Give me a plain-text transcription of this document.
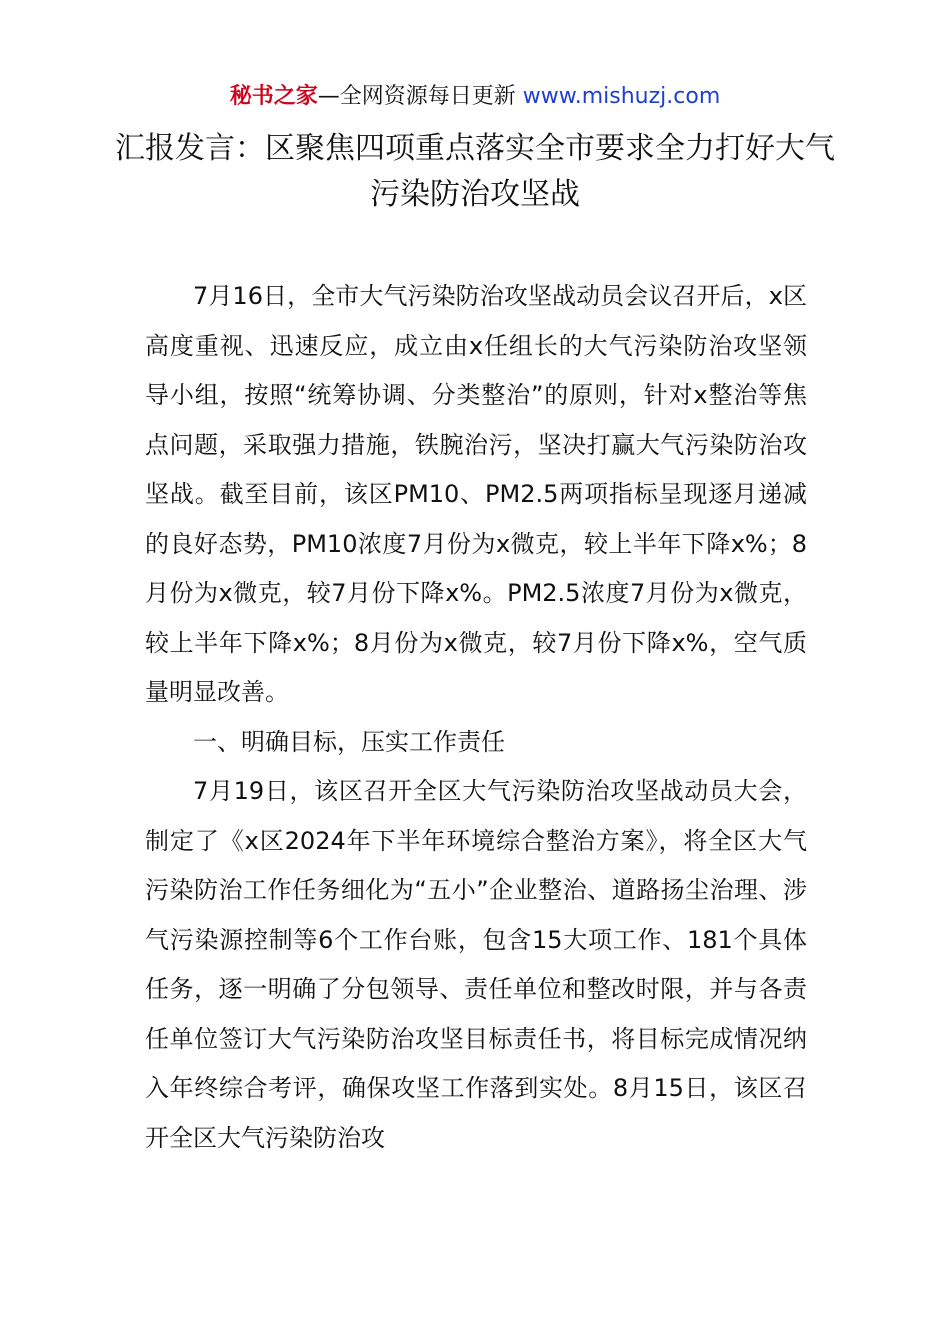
秘书之家—全网资源每日更新 www.mishuzj.com
汇报发言：区聚焦四项重点落实全市要求全力打好大气污染防治攻坚战

7月16日，全市大气污染防治攻坚战动员会议召开后，x区高度重视、迅速反应，成立由x任组长的大气污染防治攻坚领导小组，按照“统筹协调、分类整治”的原则，针对x整治等焦点问题，采取强力措施，铁腕治污，坚决打赢大气污染防治攻坚战。截至目前，该区PM10、PM2.5两项指标呈现逐月递减的良好态势，PM10浓度7月份为x微克，较上半年下降x%；8月份为x微克，较7月份下降x%。PM2.5浓度7月份为x微克，较上半年下降x%；8月份为x微克，较7月份下降x%，空气质量明显改善。

一、明确目标，压实工作责任

7月19日，该区召开全区大气污染防治攻坚战动员大会，制定了《x区2024年下半年环境综合整治方案》，将全区大气污染防治工作任务细化为“五小”企业整治、道路扬尘治理、涉气污染源控制等6个工作台账，包含15大项工作、181个具体任务，逐一明确了分包领导、责任单位和整改时限，并与各责任单位签订大气污染防治攻坚目标责任书，将目标完成情况纳入年终综合考评，确保攻坚工作落到实处。8月15日，该区召开全区大气污染防治攻
